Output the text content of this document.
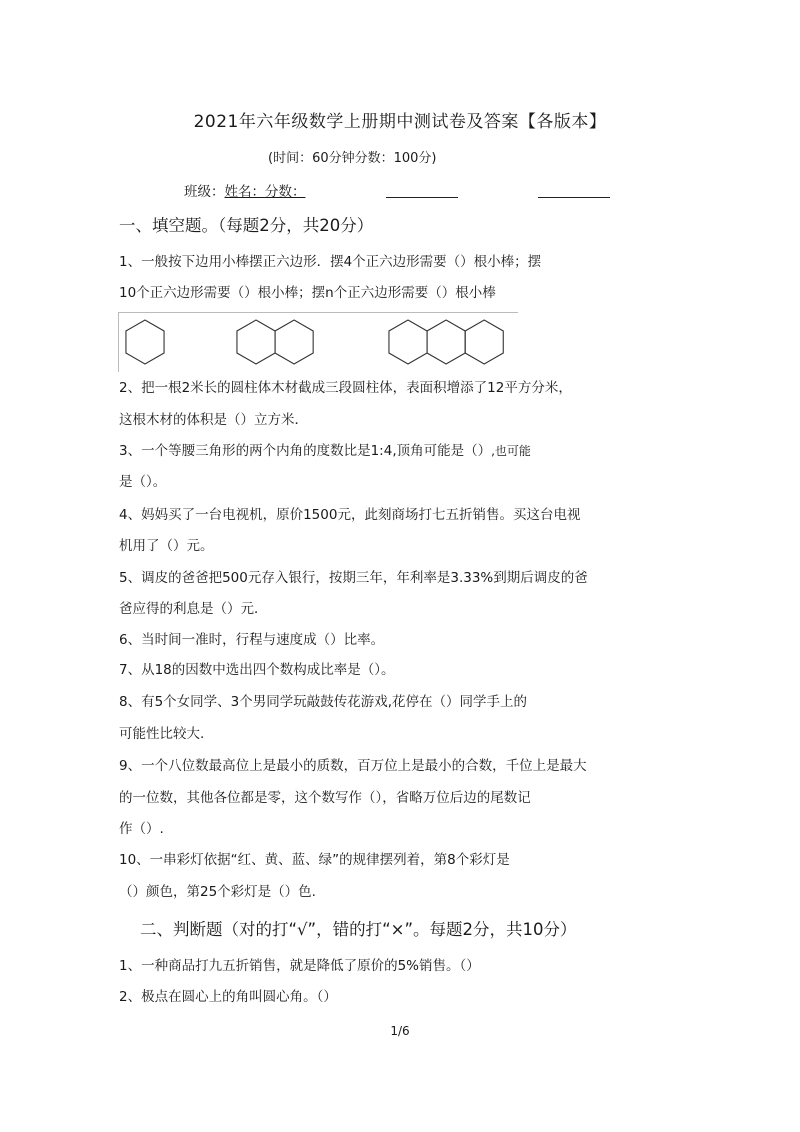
2021年六年级数学上册期中测试卷及答案【各版本】
(时间：60分钟分数：100分)
班级：姓名：分数：
一、填空题。（每题2分，共20分）
1、一般按下边用小棒摆正六边形．摆4个正六边形需要（）根小棒；摆
10个正六边形需要（）根小棒；摆n个正六边形需要（）根小棒
2、把一根2米长的圆柱体木材截成三段圆柱体，表面积增添了12平方分米，
这根木材的体积是（）立方米．
3、一个等腰三角形的两个内角的度数比是1:4,顶角可能是（）,也可能
是（）。
4、妈妈买了一台电视机，原价1500元，此刻商场打七五折销售。买这台电视
机用了（）元。
5、调皮的爸爸把500元存入银行，按期三年，年利率是3.33%到期后调皮的爸
爸应得的利息是（）元．
6、当时间一准时，行程与速度成（）比率。
7、从18的因数中选出四个数构成比率是（）。
8、有5个女同学、3个男同学玩敲鼓传花游戏,花停在（）同学手上的
可能性比较大.
9、一个八位数最高位上是最小的质数，百万位上是最小的合数，千位上是最大
的一位数，其他各位都是零，这个数写作（），省略万位后边的尾数记
作（）.
10、一串彩灯依据“红、黄、蓝、绿”的规律摆列着，第8个彩灯是
（）颜色，第25个彩灯是（）色.
二、判断题（对的打“√”，错的打“×”。每题2分，共10分）
1、一种商品打九五折销售，就是降低了原价的5%销售。（）
2、极点在圆心上的角叫圆心角。（）
1/6
